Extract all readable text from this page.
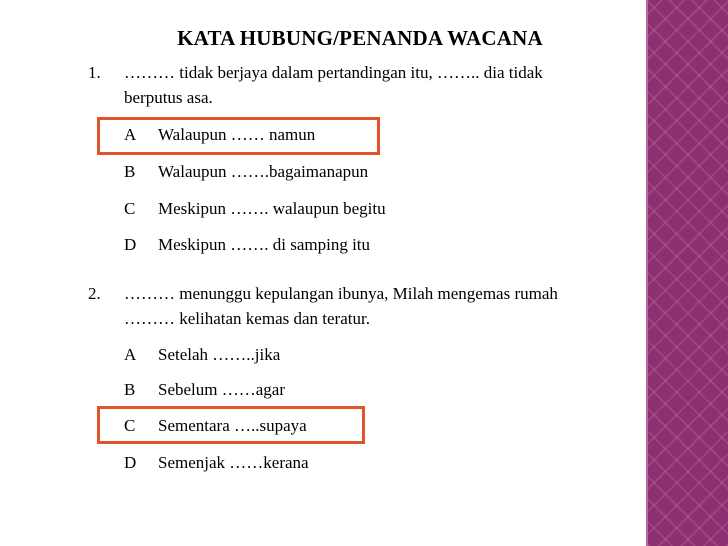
KATA HUBUNG/PENANDA WACANA
1. ……… tidak berjaya dalam pertandingan itu, …….. dia tidak
berputus asa.
A Walaupun …… namun
B Walaupun …….bagaimanapun
C Meskipun ……. walaupun begitu
D Meskipun ……. di samping itu
2. ……… menunggu kepulangan ibunya, Milah mengemas rumah
……… kelihatan kemas dan teratur.
A Setelah ……..jika
B Sebelum ……agar
C Sementara …..supaya
D Semenjak ……kerana
